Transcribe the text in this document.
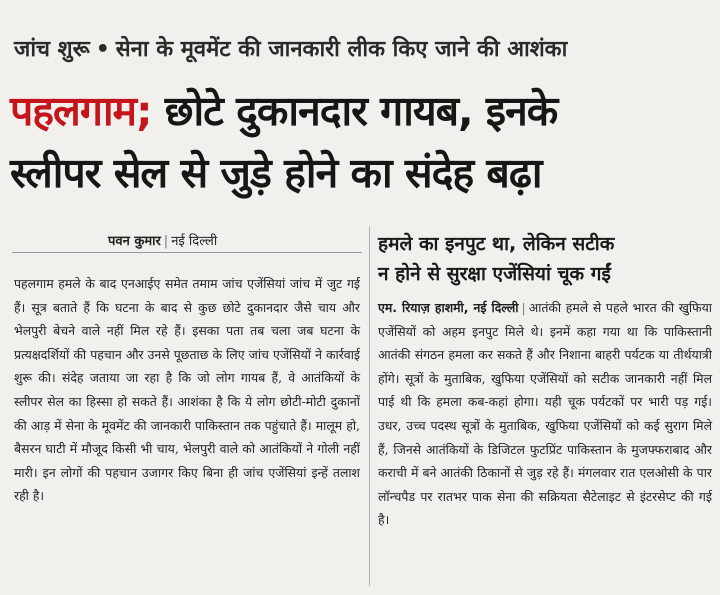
जांच शुरू • सेना के मूवमेंट की जानकारी लीक किए जाने की आशंका
पहलगाम; छोटे दुकानदार गायब, इनके
स्लीपर सेल से जुड़े होने का संदेह बढ़ा
पवन कुमार | नई दिल्ली
पहलगाम हमले के बाद एनआईए समेत तमाम जांच एजेंसियां जांच में जुट गई हैं। सूत्र बताते हैं कि घटना के बाद से कुछ छोटे दुकानदार जैसे चाय और भेलपुरी बेचने वाले नहीं मिल रहे हैं। इसका पता तब चला जब घटना के प्रत्यक्षदर्शियों की पहचान और उनसे पूछताछ के लिए जांच एजेंसियों ने कार्रवाई शुरू की। संदेह जताया जा रहा है कि जो लोग गायब हैं, वे आतंकियों के स्लीपर सेल का हिस्सा हो सकते हैं। आशंका है कि ये लोग छोटी-मोटी दुकानों की आड़ में सेना के मूवमेंट की जानकारी पाकिस्तान तक पहुंचाते हैं। मालूम हो, बैसरन घाटी में मौजूद किसी भी चाय, भेलपुरी वाले को आतंकियों ने गोली नहीं मारी। इन लोगों की पहचान उजागर किए बिना ही जांच एजेंसियां इन्हें तलाश रही है।
हमले का इनपुट था, लेकिन सटीक
न होने से सुरक्षा एजेंसियां चूक गईं
एम. रियाज़ हाशमी, नई दिल्ली | आतंकी हमले से पहले भारत की खुफिया एजेंसियों को अहम इनपुट मिले थे। इनमें कहा गया था कि पाकिस्तानी आतंकी संगठन हमला कर सकते हैं और निशाना बाहरी पर्यटक या तीर्थयात्री होंगे। सूत्रों के मुताबिक, खुफिया एजेंसियों को सटीक जानकारी नहीं मिल पाई थी कि हमला कब-कहां होगा। यही चूक पर्यटकों पर भारी पड़ गई। उधर, उच्च पदस्थ सूत्रों के मुताबिक, खुफिया एजेंसियों को कई सुराग मिले हैं, जिनसे आतंकियों के डिजिटल फुटप्रिंट पाकिस्तान के मुजफ्फराबाद और कराची में बने आतंकी ठिकानों से जुड़ रहे हैं। मंगलवार रात एलओसी के पार लॉन्चपैड पर रातभर पाक सेना की सक्रियता सैटेलाइट से इंटरसेप्ट की गई है।
